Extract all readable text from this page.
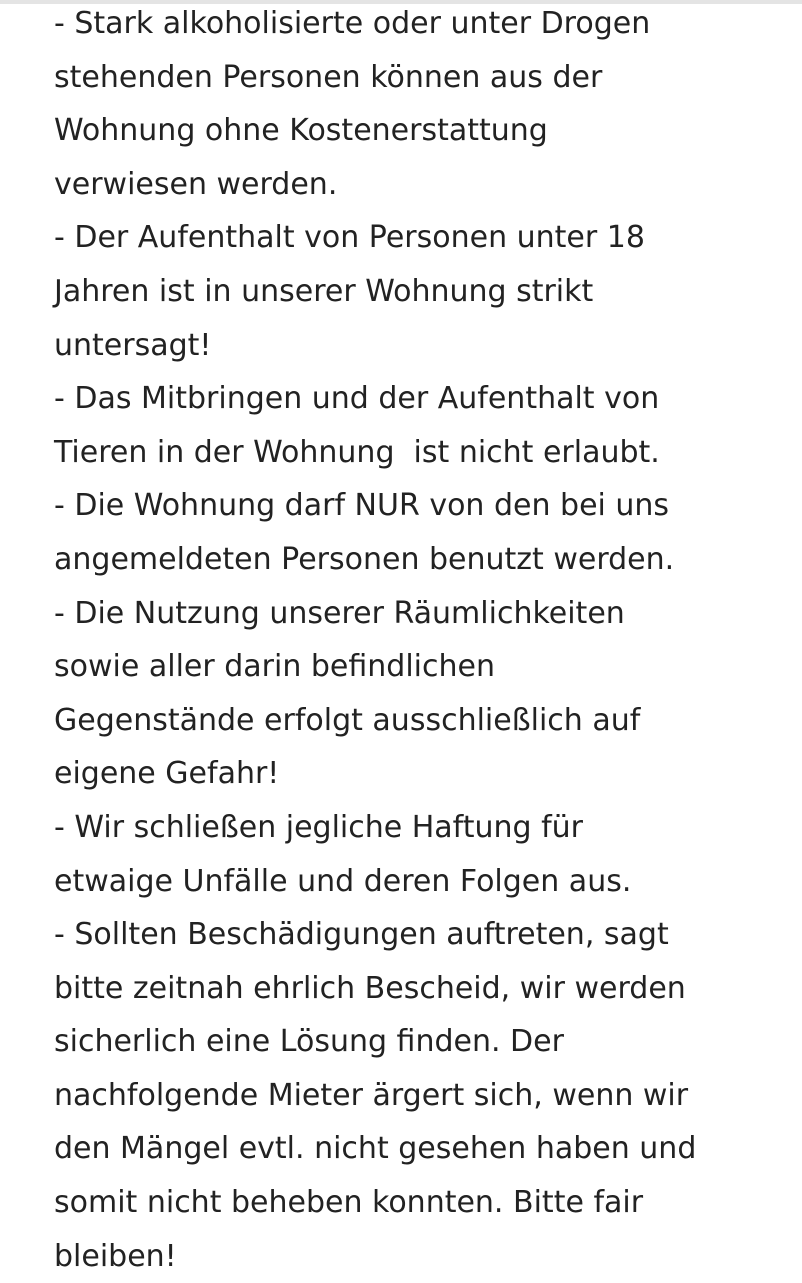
- Stark alkoholisierte oder unter Drogen
stehenden Personen können aus der
Wohnung ohne Kostenerstattung
verwiesen werden.
- Der Aufenthalt von Personen unter 18
Jahren ist in unserer Wohnung strikt
untersagt!
- Das Mitbringen und der Aufenthalt von
Tieren in der Wohnung  ist nicht erlaubt.
- Die Wohnung darf NUR von den bei uns
angemeldeten Personen benutzt werden.
- Die Nutzung unserer Räumlichkeiten
sowie aller darin befindlichen
Gegenstände erfolgt ausschließlich auf
eigene Gefahr!
- Wir schließen jegliche Haftung für
etwaige Unfälle und deren Folgen aus.
- Sollten Beschädigungen auftreten, sagt
bitte zeitnah ehrlich Bescheid, wir werden
sicherlich eine Lösung finden. Der
nachfolgende Mieter ärgert sich, wenn wir
den Mängel evtl. nicht gesehen haben und
somit nicht beheben konnten. Bitte fair
bleiben!
